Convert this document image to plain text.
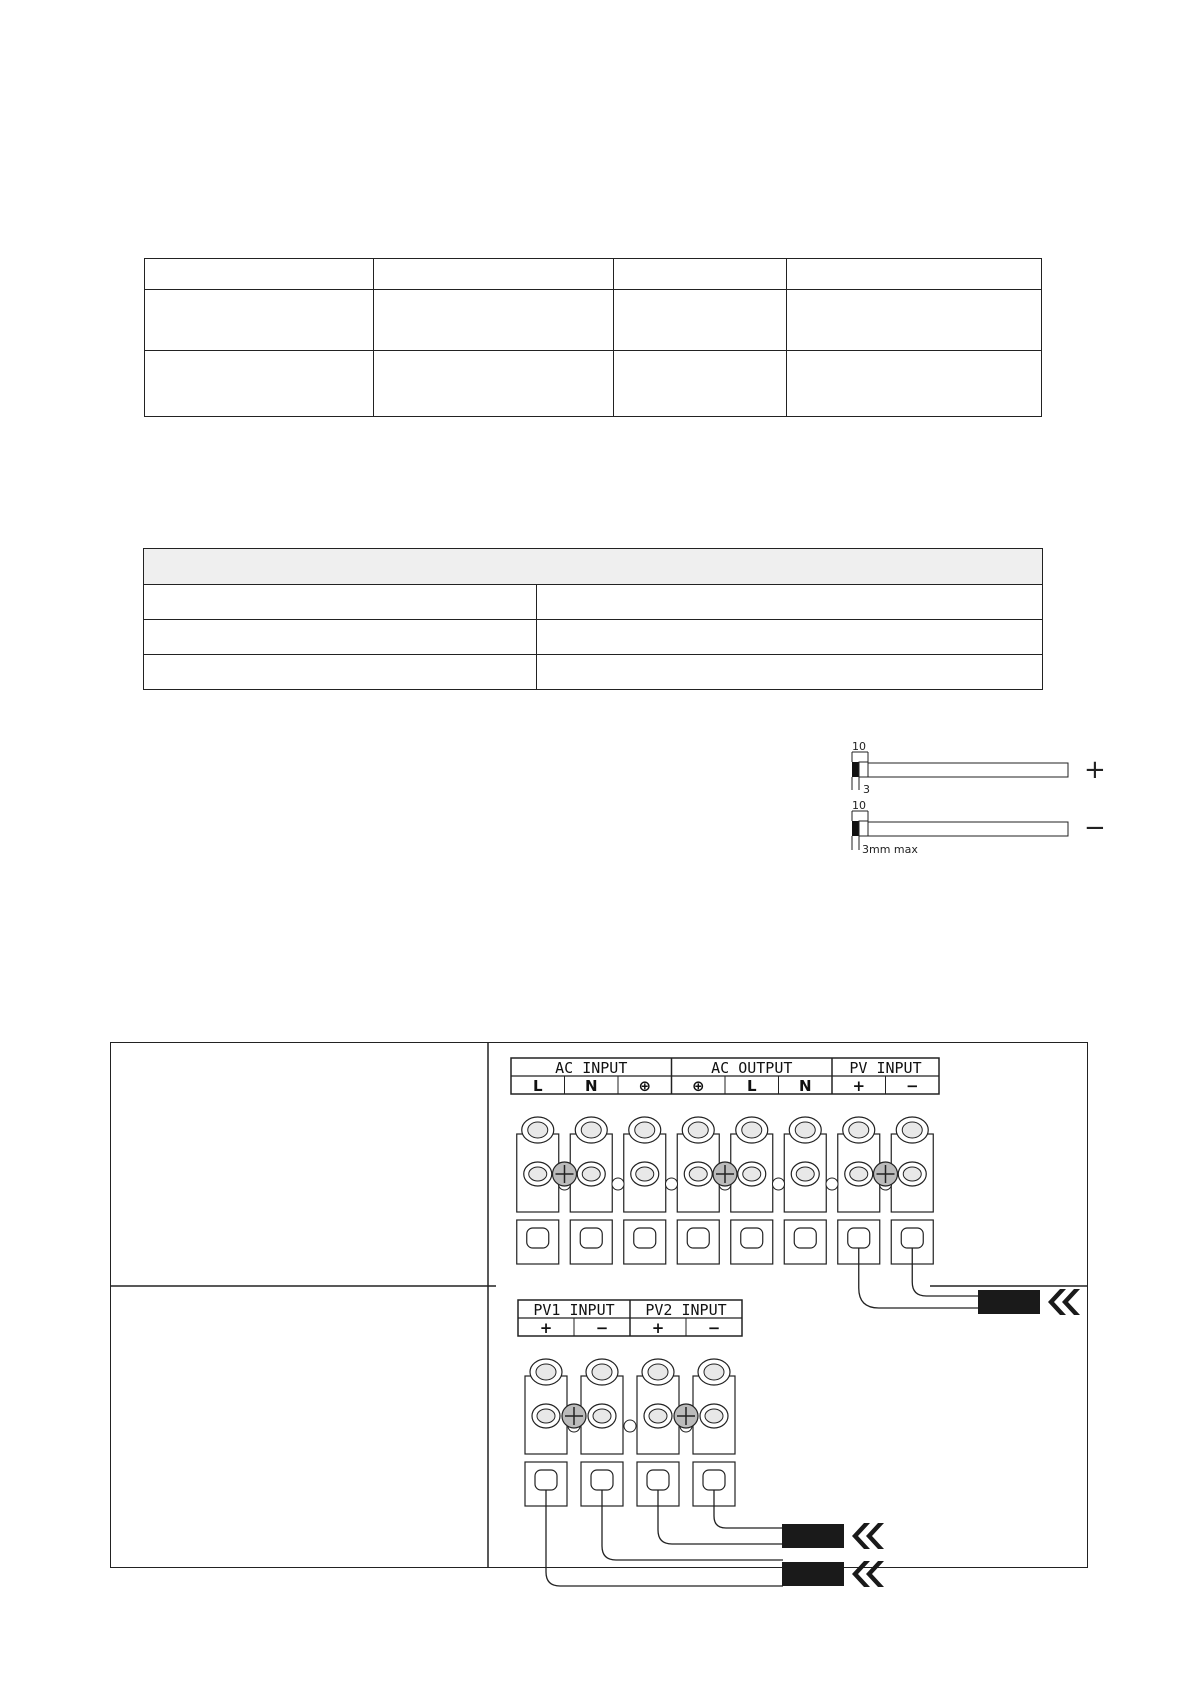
10
3
+
10
3mm max
−
AC INPUT	AC OUTPUT	PV INPUT
L	N	⊕	⊕	L	N	+	−
PV1 INPUT PV2 INPUT
+	−	+	−
